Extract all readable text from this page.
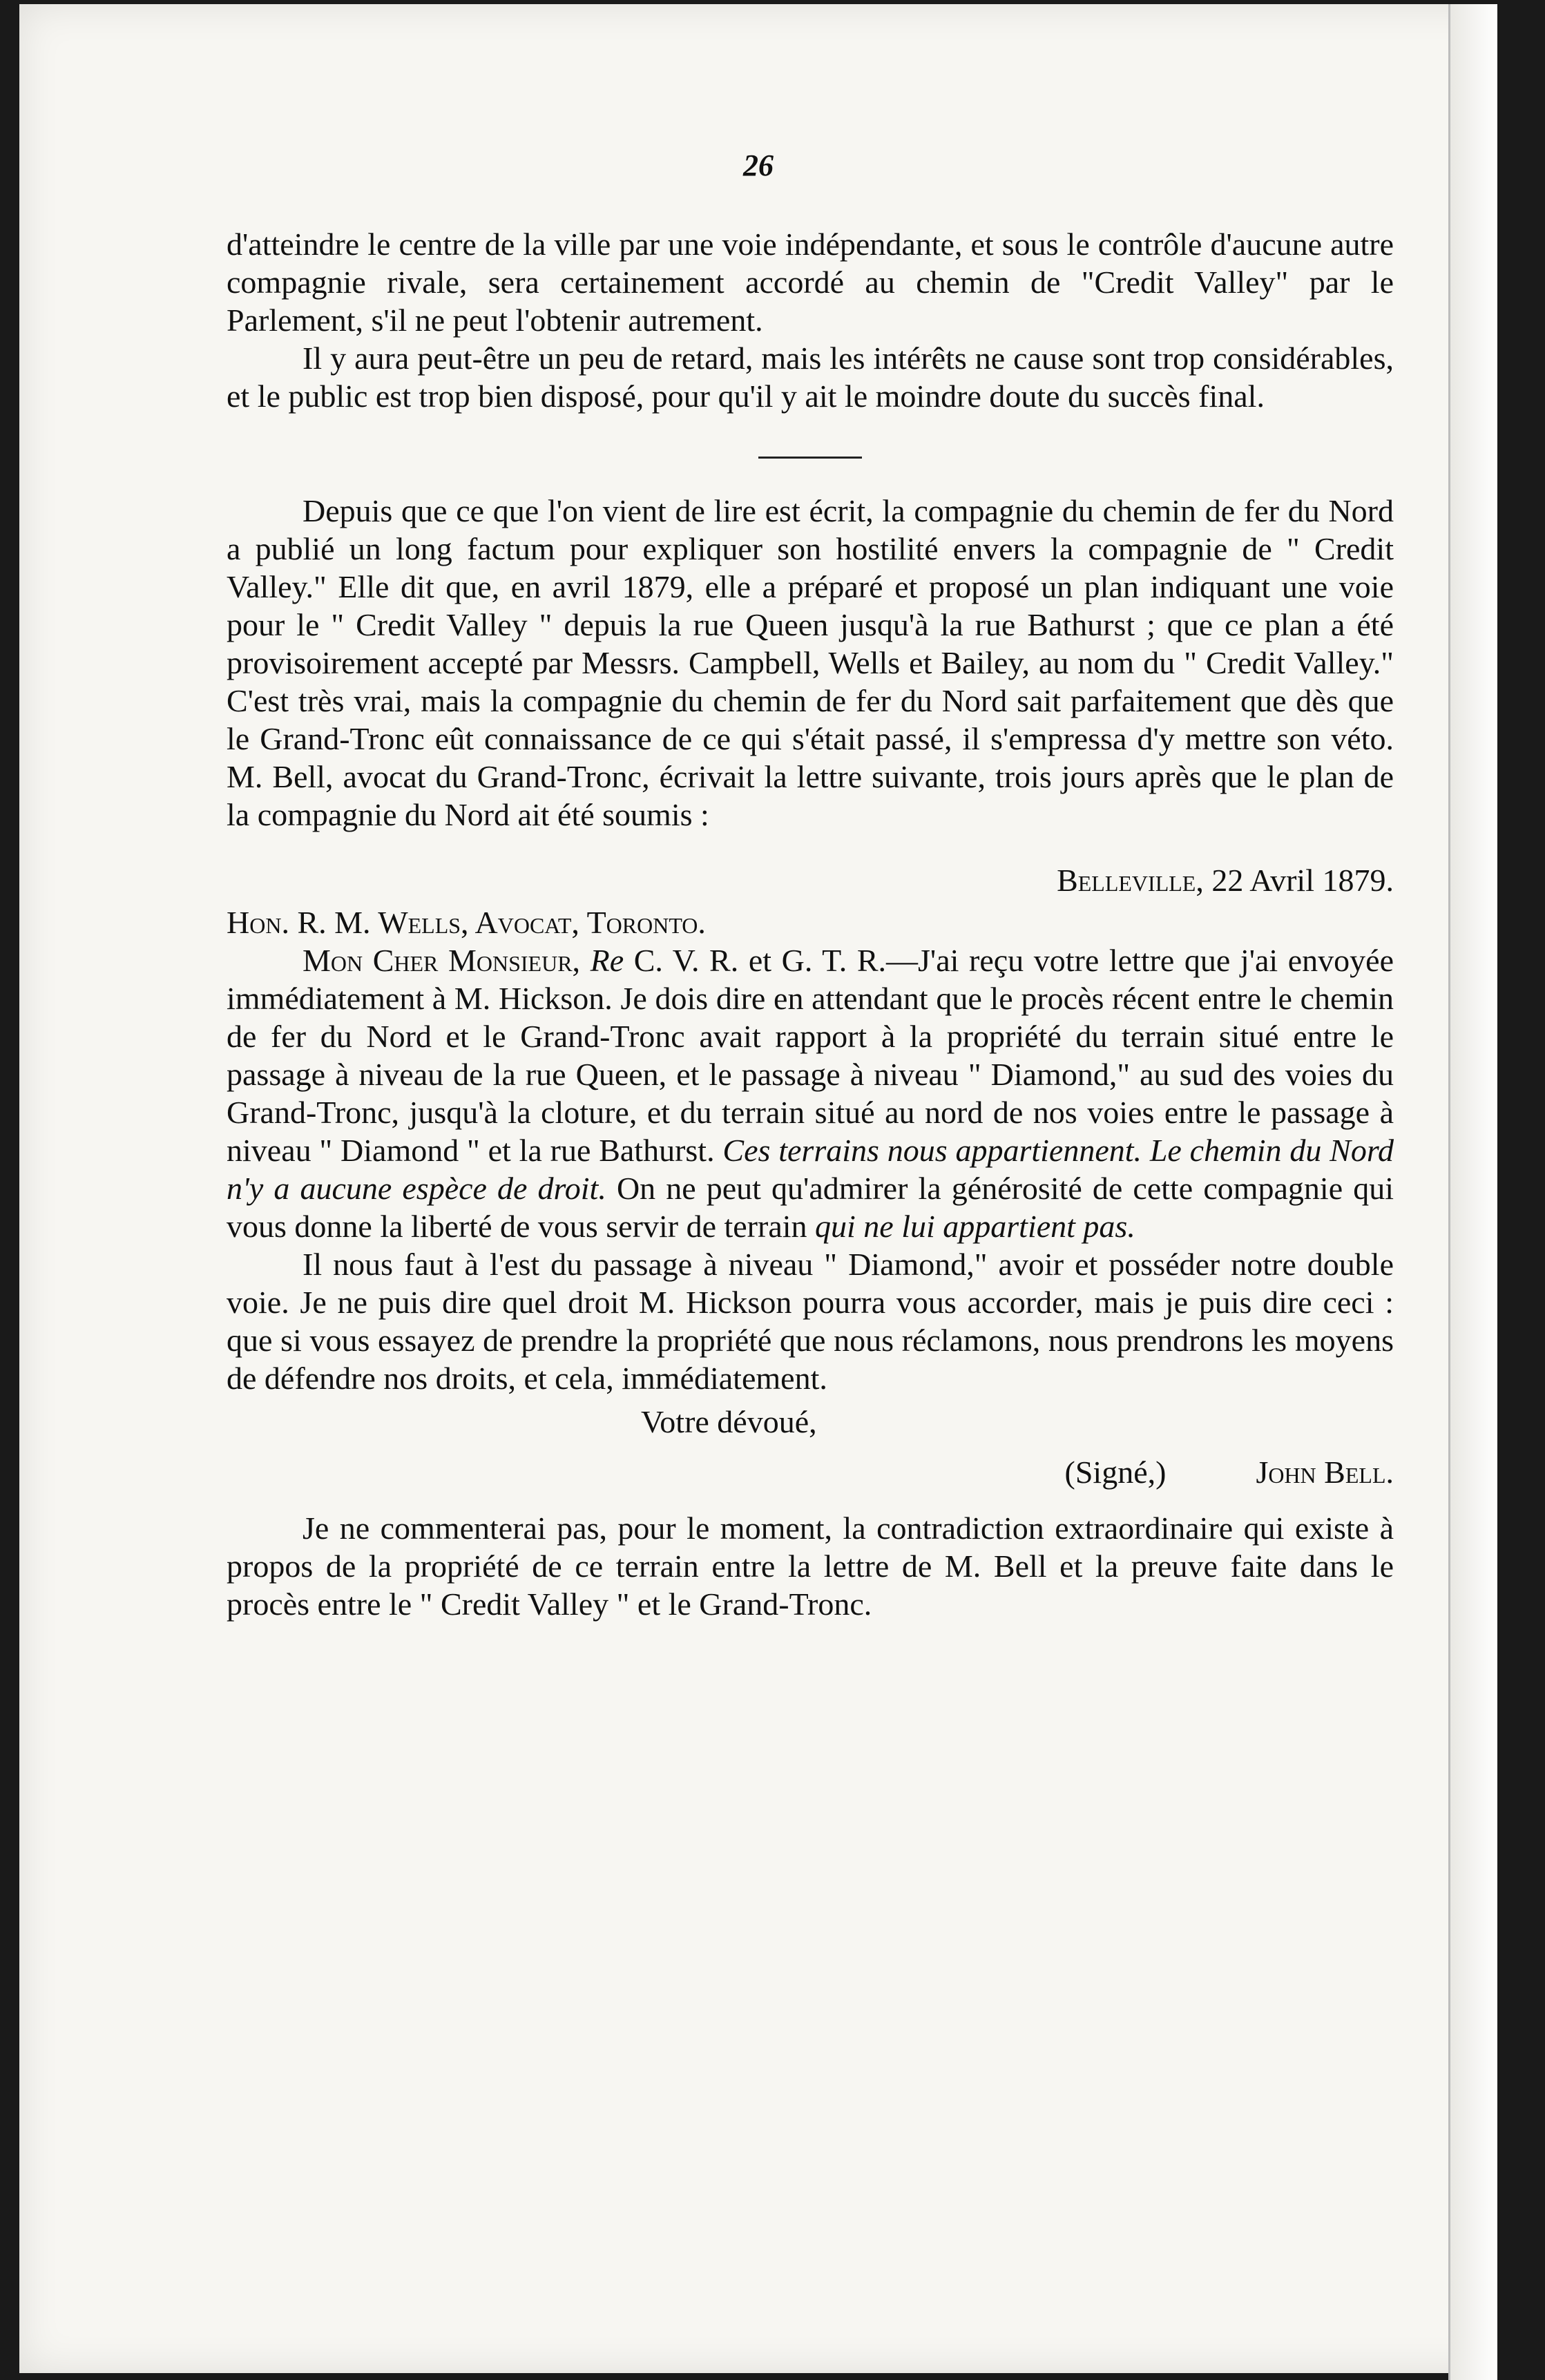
26

d'atteindre le centre de la ville par une voie indépendante, et sous le contrôle d'aucune autre compagnie rivale, sera certainement accordé au chemin de "Credit Valley" par le Parlement, s'il ne peut l'obtenir autrement.

Il y aura peut-être un peu de retard, mais les intérêts ne cause sont trop considérables, et le public est trop bien disposé, pour qu'il y ait le moindre doute du succès final.

Depuis que ce que l'on vient de lire est écrit, la compagnie du chemin de fer du Nord a publié un long factum pour expliquer son hostilité envers la compagnie de " Credit Valley." Elle dit que, en avril 1879, elle a préparé et proposé un plan indiquant une voie pour le " Credit Valley " depuis la rue Queen jusqu'à la rue Bathurst ; que ce plan a été provisoirement accepté par Messrs. Campbell, Wells et Bailey, au nom du " Credit Valley." C'est très vrai, mais la compagnie du chemin de fer du Nord sait parfaitement que dès que le Grand-Tronc eût connaissance de ce qui s'était passé, il s'empressa d'y mettre son véto. M. Bell, avocat du Grand-Tronc, écrivait la lettre suivante, trois jours après que le plan de la compagnie du Nord ait été soumis :

Belleville, 22 Avril 1879.

Hon. R. M. Wells, Avocat, Toronto.

Mon Cher Monsieur, Re C. V. R. et G. T. R.—J'ai reçu votre lettre que j'ai envoyée immédiatement à M. Hickson. Je dois dire en attendant que le procès récent entre le chemin de fer du Nord et le Grand-Tronc avait rapport à la propriété du terrain situé entre le passage à niveau de la rue Queen, et le passage à niveau " Diamond," au sud des voies du Grand-Tronc, jusqu'à la cloture, et du terrain situé au nord de nos voies entre le passage à niveau " Diamond " et la rue Bathurst. Ces terrains nous appartiennent. Le chemin du Nord n'y a aucune espèce de droit. On ne peut qu'admirer la générosité de cette compagnie qui vous donne la liberté de vous servir de terrain qui ne lui appartient pas.

Il nous faut à l'est du passage à niveau " Diamond," avoir et posséder notre double voie. Je ne puis dire quel droit M. Hickson pourra vous accorder, mais je puis dire ceci : que si vous essayez de prendre la propriété que nous réclamons, nous prendrons les moyens de défendre nos droits, et cela, immédiatement.

Votre dévoué,

(Signé,)	John Bell.

Je ne commenterai pas, pour le moment, la contradiction extraordinaire qui existe à propos de la propriété de ce terrain entre la lettre de M. Bell et la preuve faite dans le procès entre le " Credit Valley " et le Grand-Tronc.
